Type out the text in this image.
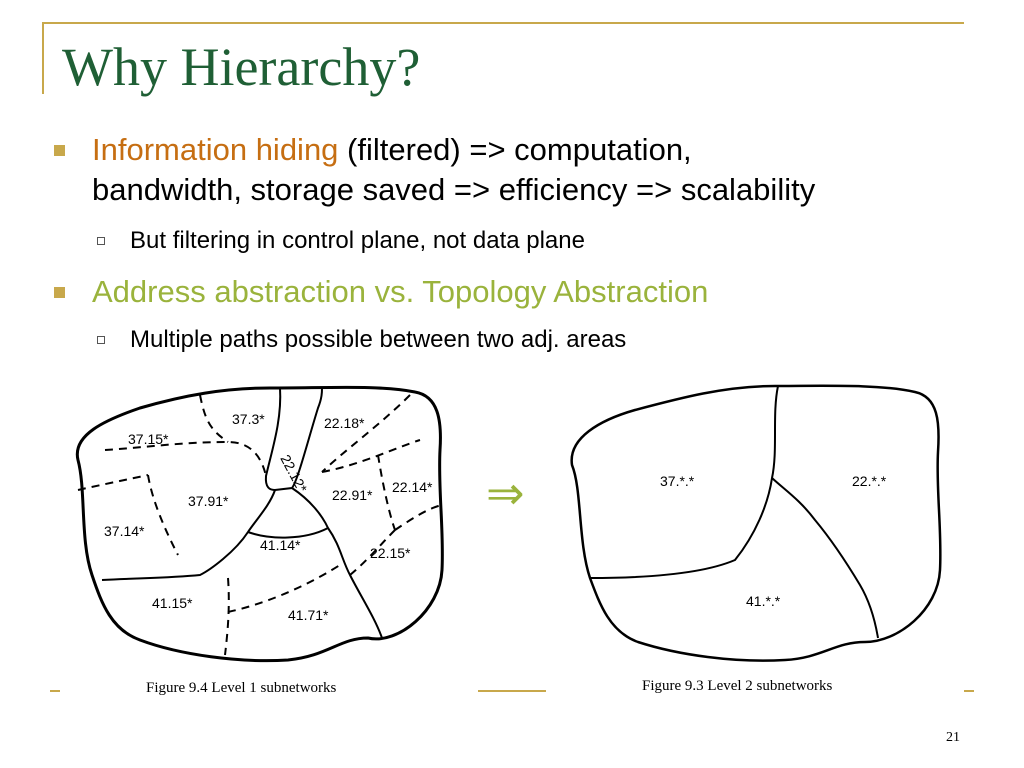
Why Hierarchy?
Information hiding (filtered) => computation,
bandwidth, storage saved => efficiency => scalability
But filtering in control plane, not data plane
Address abstraction vs. Topology Abstraction
Multiple paths possible between two adj. areas
37.3*	22.18*
37.15*
22.12* 22.91* 22.14*
37.91*
37.14*
41.14*	22.15*
41.15*
41.71*
⇒	37.*.*	22.*.*
41.*.*
Figure 9.4 Level 1 subnetworks	Figure 9.3 Level 2 subnetworks
21
